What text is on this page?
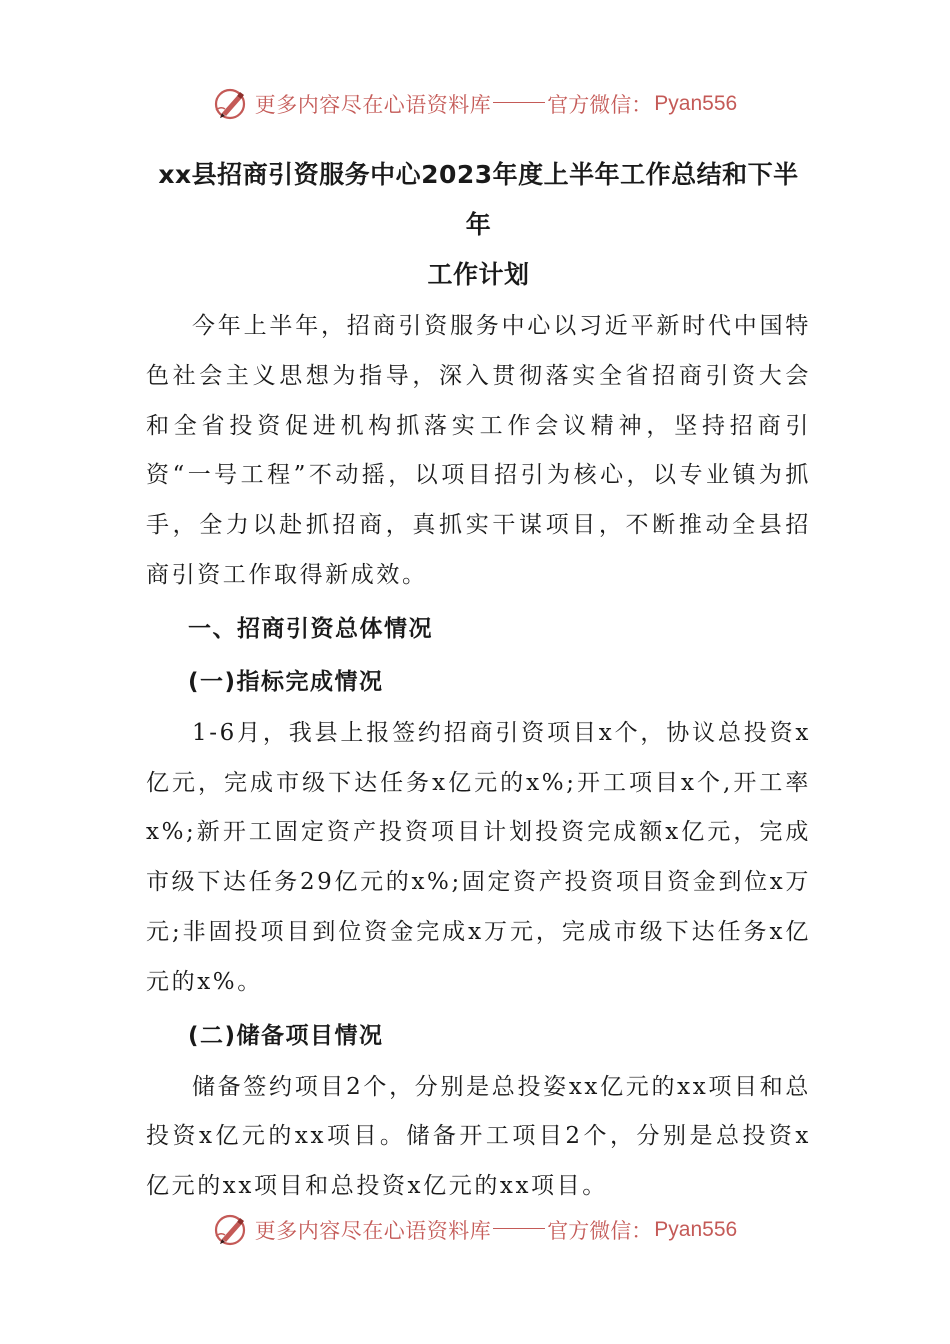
更多内容尽在心语资料库	官方微信： Pyan556

xx县招商引资服务中心2023年度上半年工作总结和下半年

工作计划

今年上半年，招商引资服务中心以习近平新时代中国特色社会主义思想为指导，深入贯彻落实全省招商引资大会和全省投资促进机构抓落实工作会议精神，坚持招商引资“一号工程”不动摇，以项目招引为核心，以专业镇为抓手，全力以赴抓招商，真抓实干谋项目，不断推动全县招商引资工作取得新成效。

一、招商引资总体情况

(一)指标完成情况

1-6月，我县上报签约招商引资项目x个，协议总投资x亿元，完成市级下达任务x亿元的x%;开工项目x个,开工率x%;新开工固定资产投资项目计划投资完成额x亿元，完成市级下达任务29亿元的x%;固定资产投资项目资金到位x万元;非固投项目到位资金完成x万元，完成市级下达任务x亿元的x%。

(二)储备项目情况

储备签约项目2个，分别是总投姿xx亿元的xx项目和总投资x亿元的xx项目。储备开工项目2个，分别是总投资x亿元的xx项目和总投资x亿元的xx项目。

更多内容尽在心语资料库	官方微信： Pyan556
